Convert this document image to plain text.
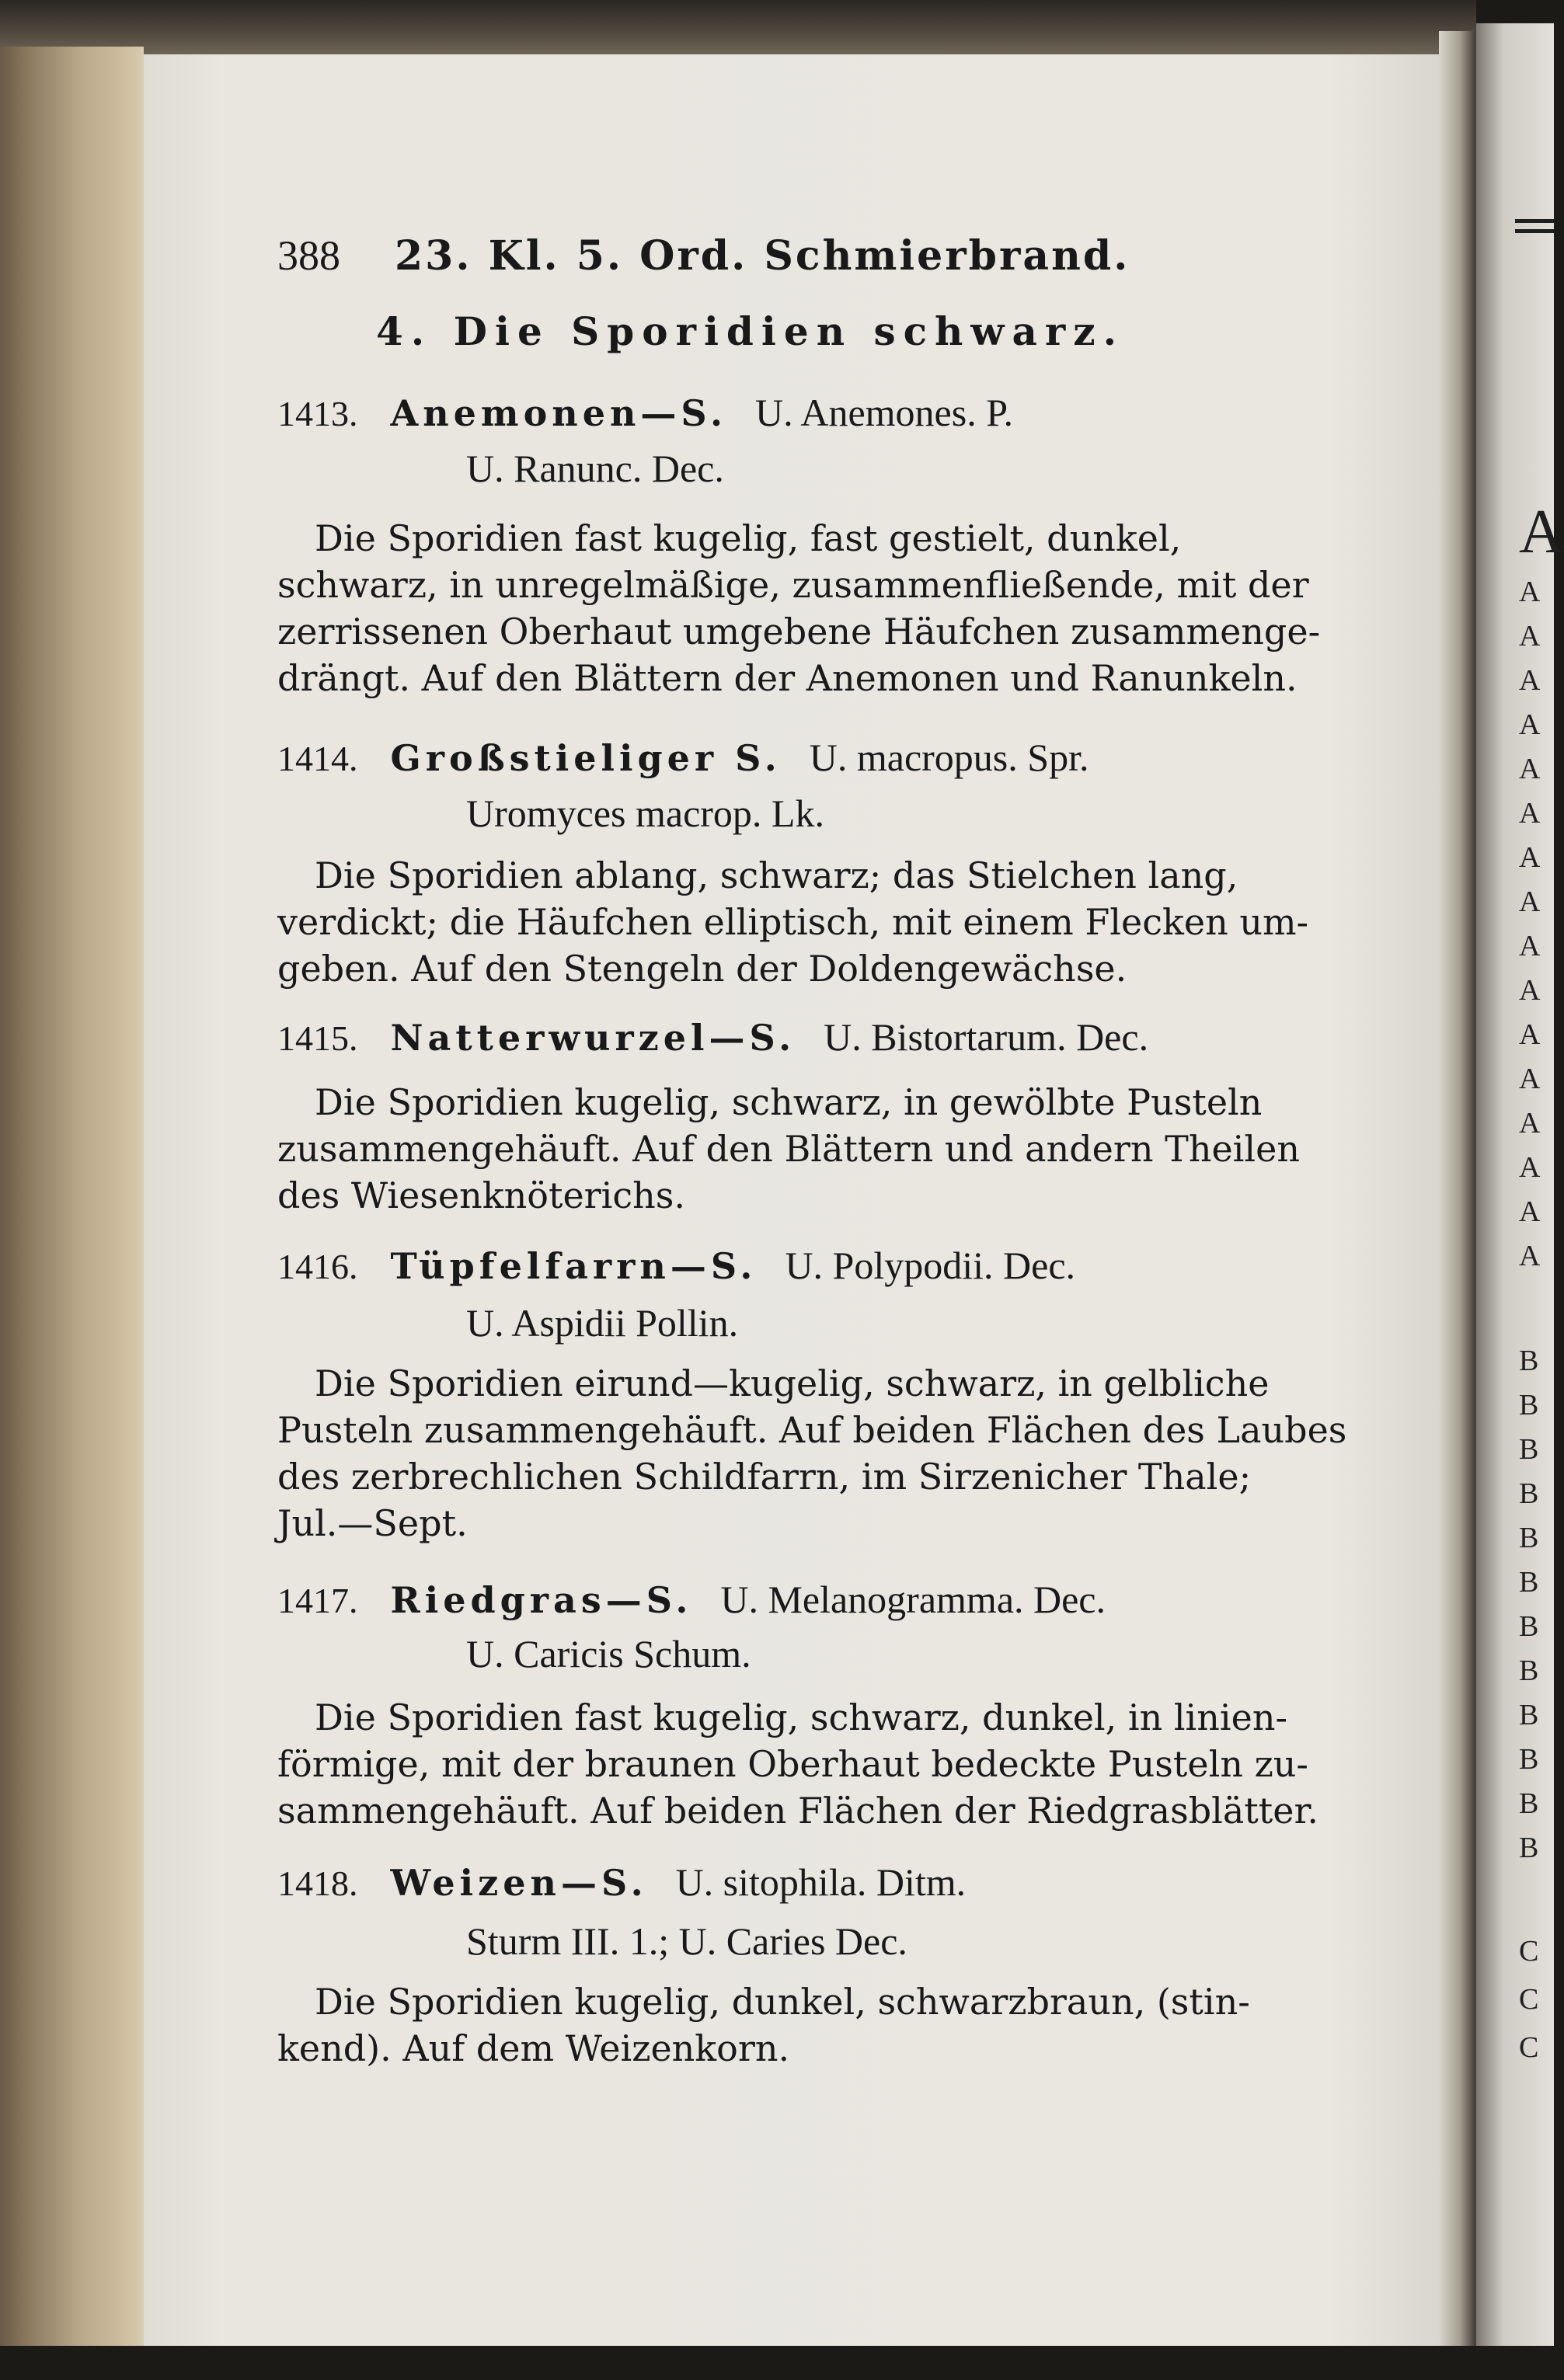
A
A
A
A
A
A
A
A
A
A
A
A
A
A
A
A
A
B
B
B
B
B
B
B
B
B
B
B
B
C
C
C
388 23. Kl. 5. Ord. Schmierbrand.
4. Die Sporidien schwarz.
1413. Anemonen—S. U. Anemones. P.
U. Ranunc. Dec.
Die Sporidien fast kugelig, fast gestielt, dunkel,
schwarz, in unregelmäßige, zusammenfließende, mit der
zerrissenen Oberhaut umgebene Häufchen zusammenge-
drängt. Auf den Blättern der Anemonen und Ranunkeln.
1414. Großstieliger S. U. macropus. Spr.
Uromyces macrop. Lk.
Die Sporidien ablang, schwarz; das Stielchen lang,
verdickt; die Häufchen elliptisch, mit einem Flecken um-
geben. Auf den Stengeln der Doldengewächse.
1415. Natterwurzel—S. U. Bistortarum. Dec.
Die Sporidien kugelig, schwarz, in gewölbte Pusteln
zusammengehäuft. Auf den Blättern und andern Theilen
des Wiesenknöterichs.
1416. Tüpfelfarrn—S. U. Polypodii. Dec.
U. Aspidii Pollin.
Die Sporidien eirund—kugelig, schwarz, in gelbliche
Pusteln zusammengehäuft. Auf beiden Flächen des Laubes
des zerbrechlichen Schildfarrn, im Sirzenicher Thale;
Jul.—Sept.
1417. Riedgras—S. U. Melanogramma. Dec.
U. Caricis Schum.
Die Sporidien fast kugelig, schwarz, dunkel, in linien-
förmige, mit der braunen Oberhaut bedeckte Pusteln zu-
sammengehäuft. Auf beiden Flächen der Riedgrasblätter.
1418. Weizen—S. U. sitophila. Ditm.
Sturm III. 1.; U. Caries Dec.
Die Sporidien kugelig, dunkel, schwarzbraun, (stin-
kend). Auf dem Weizenkorn.
